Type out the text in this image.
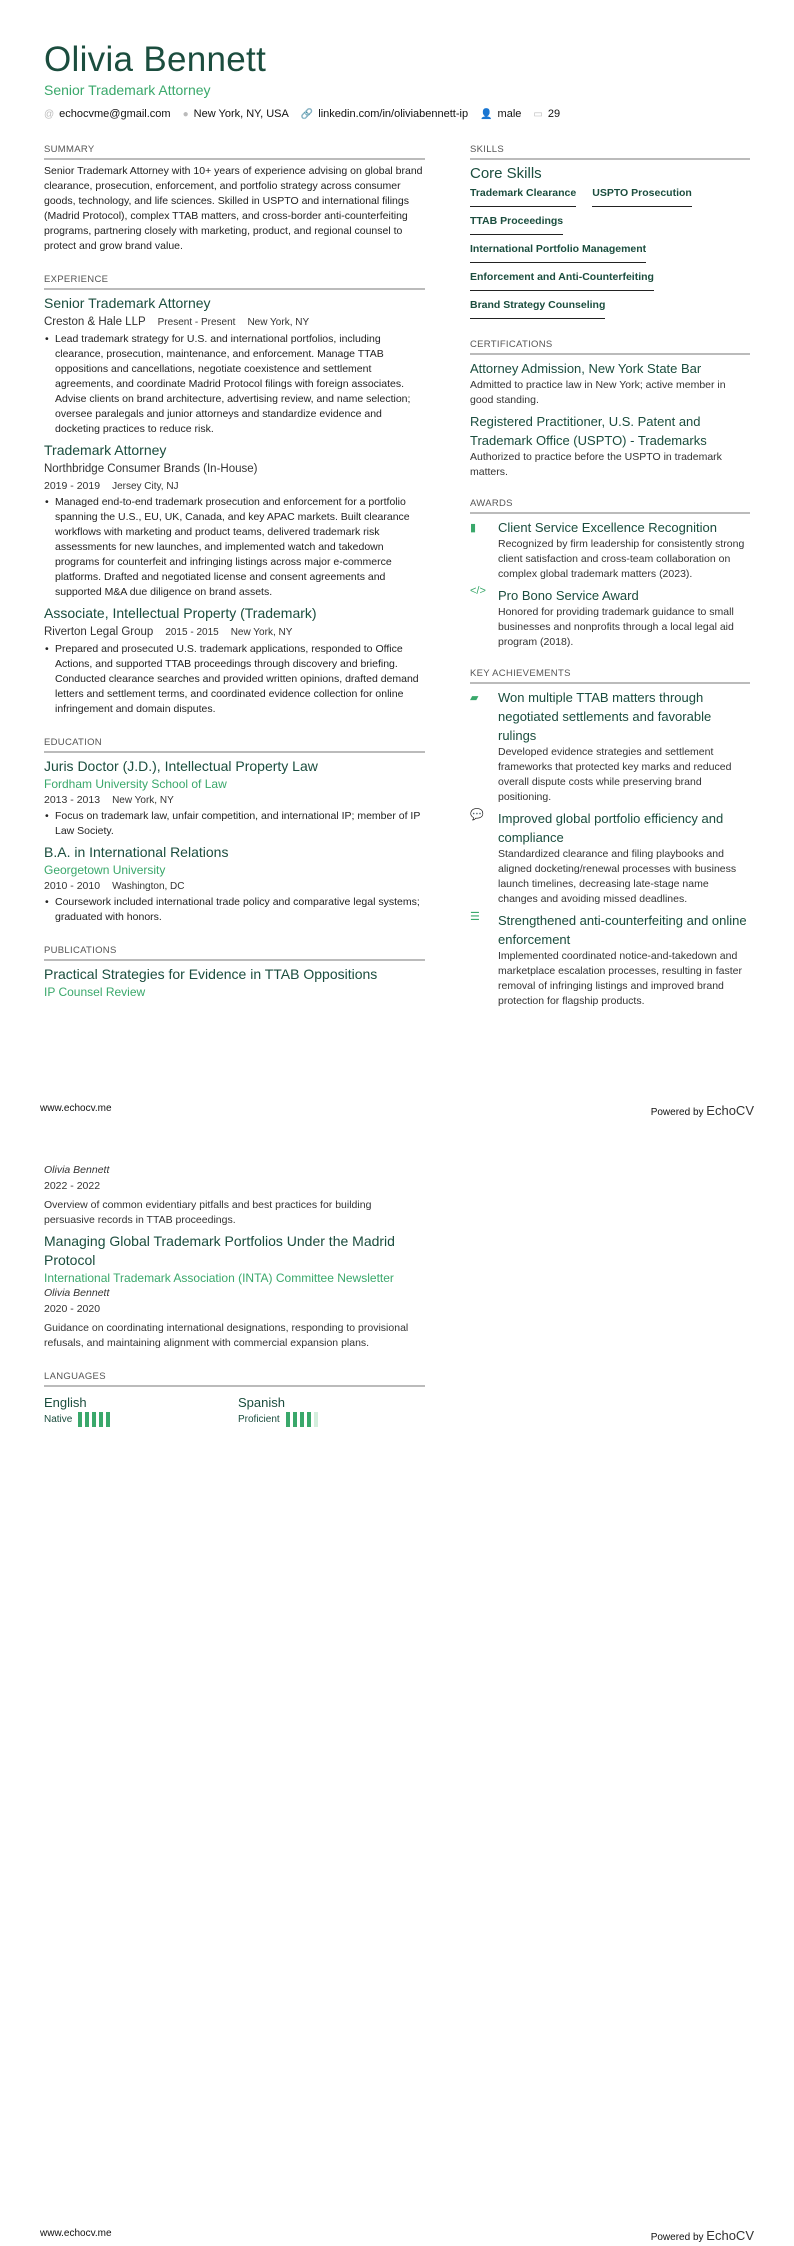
Olivia Bennett
Senior Trademark Attorney
@ echocvme@gmail.com ● New York, NY, USA 🔗 linkedin.com/in/oliviabennett-ip 👤 male ▭ 29
SUMMARY
Senior Trademark Attorney with 10+ years of experience advising on global brand clearance, prosecution, enforcement, and portfolio strategy across consumer goods, technology, and life sciences. Skilled in USPTO and international filings (Madrid Protocol), complex TTAB matters, and cross-border anti-counterfeiting programs, partnering closely with marketing, product, and regional counsel to protect and grow brand value.
EXPERIENCE
Senior Trademark Attorney
Creston & Hale LLP Present - Present New York, NY
• Lead trademark strategy for U.S. and international portfolios, including clearance, prosecution, maintenance, and enforcement. Manage TTAB oppositions and cancellations, negotiate coexistence and settlement agreements, and coordinate Madrid Protocol filings with foreign associates. Advise clients on brand architecture, advertising review, and name selection; oversee paralegals and junior attorneys and standardize evidence and docketing practices to reduce risk.
Trademark Attorney
Northbridge Consumer Brands (In-House)
2019 - 2019 Jersey City, NJ
• Managed end-to-end trademark prosecution and enforcement for a portfolio spanning the U.S., EU, UK, Canada, and key APAC markets. Built clearance workflows with marketing and product teams, delivered trademark risk assessments for new launches, and implemented watch and takedown programs for counterfeit and infringing listings across major e-commerce platforms. Drafted and negotiated license and consent agreements and supported M&A due diligence on brand assets.
Associate, Intellectual Property (Trademark)
Riverton Legal Group 2015 - 2015 New York, NY
• Prepared and prosecuted U.S. trademark applications, responded to Office Actions, and supported TTAB proceedings through discovery and briefing. Conducted clearance searches and provided written opinions, drafted demand letters and settlement terms, and coordinated evidence collection for online infringement and domain disputes.
EDUCATION
Juris Doctor (J.D.), Intellectual Property Law
Fordham University School of Law
2013 - 2013 New York, NY
• Focus on trademark law, unfair competition, and international IP; member of IP Law Society.
B.A. in International Relations
Georgetown University
2010 - 2010 Washington, DC
• Coursework included international trade policy and comparative legal systems; graduated with honors.
PUBLICATIONS
Practical Strategies for Evidence in TTAB Oppositions
IP Counsel Review
SKILLS
Core Skills
Trademark Clearance USPTO Prosecution
TTAB Proceedings
International Portfolio Management
Enforcement and Anti-Counterfeiting
Brand Strategy Counseling
CERTIFICATIONS
Attorney Admission, New York State Bar
Admitted to practice law in New York; active member in good standing.
Registered Practitioner, U.S. Patent and Trademark Office (USPTO) - Trademarks
Authorized to practice before the USPTO in trademark matters.
AWARDS
▮	Client Service Excellence Recognition
Recognized by firm leadership for consistently strong client satisfaction and cross-team collaboration on complex global trademark matters (2023).
</> Pro Bono Service Award
Honored for providing trademark guidance to small businesses and nonprofits through a local legal aid program (2018).
KEY ACHIEVEMENTS
▰	Won multiple TTAB matters through negotiated settlements and favorable rulings
Developed evidence strategies and settlement frameworks that protected key marks and reduced overall dispute costs while preserving brand positioning.
💬	Improved global portfolio efficiency and compliance
Standardized clearance and filing playbooks and aligned docketing/renewal processes with business launch timelines, decreasing late-stage name changes and avoiding missed deadlines.
☰	Strengthened anti-counterfeiting and online enforcement
Implemented coordinated notice-and-takedown and marketplace escalation processes, resulting in faster removal of infringing listings and improved brand protection for flagship products.
www.echocv.me	Powered by EchoCV
Olivia Bennett
2022 - 2022
Overview of common evidentiary pitfalls and best practices for building persuasive records in TTAB proceedings.
Managing Global Trademark Portfolios Under the Madrid Protocol
International Trademark Association (INTA) Committee Newsletter
Olivia Bennett
2020 - 2020
Guidance on coordinating international designations, responding to provisional refusals, and maintaining alignment with commercial expansion plans.
LANGUAGES
English
Native
Spanish
Proficient
www.echocv.me	Powered by EchoCV
